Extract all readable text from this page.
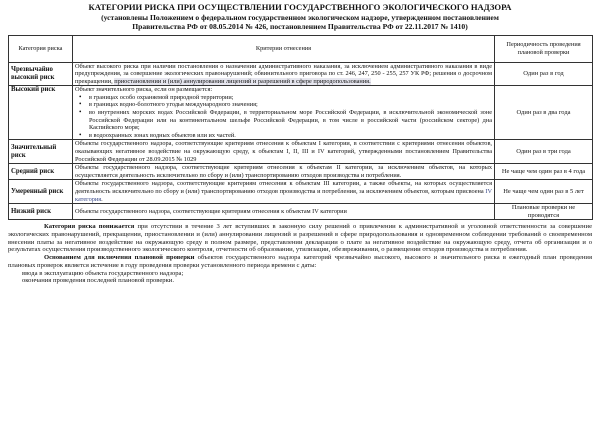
КАТЕГОРИИ РИСКА ПРИ ОСУЩЕСТВЛЕНИИ ГОСУДАРСТВЕННОГО ЭКОЛОГИЧЕСКОГО НАДЗОРА
(установлены Положением о федеральном государственном экологическом надзоре, утвержденном постановлением
Правительства РФ от 08.05.2014 № 426, постановлением Правительства РФ от 22.11.2017 № 1410)
Категория риска	Критерии отнесения	Периодичность проведения плановой проверки
Чрезвычайно высокий риск	Объект высокого риска при наличии постановления о назначении административного наказания, за исключением административного наказания в виде предупреждения, за совершение экологических правонарушений; обвинительного приговора по ст. 246, 247, 250 - 255, 257 УК РФ; решения о досрочном прекращении, приостановлении и (или) аннулировании лицензий и разрешений в сфере природопользования.	Один раз в год
Высокий риск	Объект значительного риска, если он размещается:
• в границах особо охраняемой природной территории;
• в границах водно-болотного угодья международного значения;
• во внутренних морских водах Российской Федерации, в территориальном море Российской Федерации, в исключительной экономической зоне Российской Федерации или на континентальном шельфе Российской Федерации, в том числе в российской части (российском секторе) дна Каспийского моря;
• в водоохранных зонах водных объектов или их частей.	Один раз в два года
Значительный риск	Объекты государственного надзора, соответствующие критериям отнесения к объектам I категории, в соответствии с критериями отнесения объектов, оказывающих негативное воздействие на окружающую среду, к объектам I, II, III и IV категорий, утвержденными постановлением Правительства Российской Федерации от 28.09.2015 № 1029	Один раз в три года
Средний риск	Объекты государственного надзора, соответствующие критериям отнесения к объектам II категории, за исключением объектов, на которых осуществляется деятельность исключительно по сбору и (или) транспортированию отходов производства и потребления.	Не чаще чем один раз в 4 года
Умеренный риск	Объекты государственного надзора, соответствующие критериям отнесения к объектам III категории, а также объекты, на которых осуществляется деятельность исключительно по сбору и (или) транспортированию отходов производства и потребления, за исключением объектов, которым присвоена IV категория.	Не чаще чем один раз в 5 лет
Низкий риск	Объекты государственного надзора, соответствующие критериям отнесения к объектам IV категории	Плановые проверки не проводятся

Категория риска понижается при отсутствии в течение 3 лет вступивших в законную силу решений о привлечении к административной и уголовной ответственности за совершение экологических правонарушений, прекращении, приостановлении и (или) аннулировании лицензий и разрешений в сфере природопользования и одновременном соблюдении требований о своевременном внесении платы за негативное воздействие на окружающую среду в полном размере, представлении декларации о плате за негативное воздействие на окружающую среду, отчета об организации и о результатах осуществления производственного экологического контроля, отчетности об образовании, утилизации, обезвреживании, о размещении отходов производства и потребления.

Основанием для включения плановой проверки объектов государственного надзора категорий чрезвычайно высокого, высокого и значительного риска в ежегодный план проведения плановых проверок является истечение в году проведения проверки установленного периода времени с даты:

ввода в эксплуатацию объекта государственного надзора;

окончания проведения последней плановой проверки.
